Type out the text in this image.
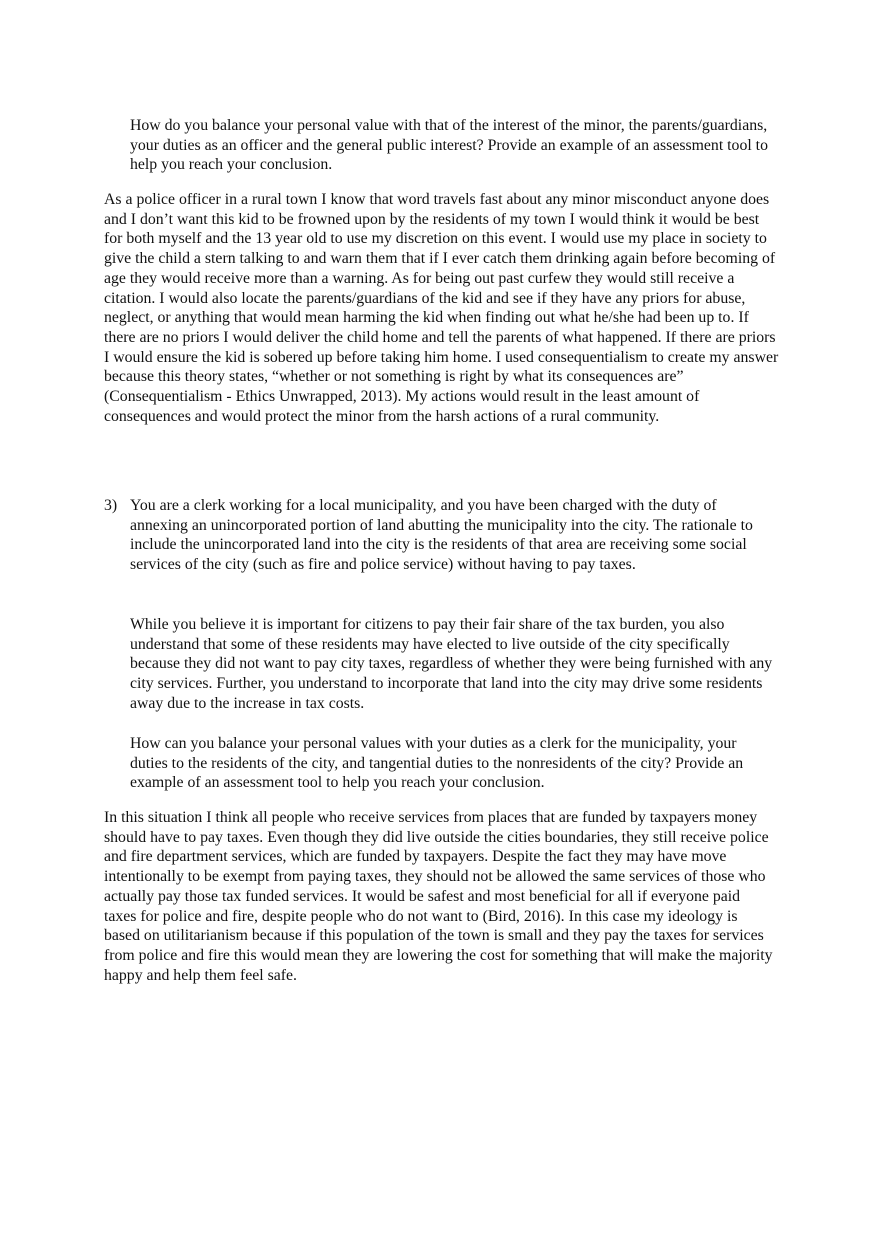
How do you balance your personal value with that of the interest of the minor, the parents/guardians, your duties as an officer and the general public interest? Provide an example of an assessment tool to help you reach your conclusion.
As a police officer in a rural town I know that word travels fast about any minor misconduct anyone does and I don’t want this kid to be frowned upon by the residents of my town I would think it would be best for both myself and the 13 year old to use my discretion on this event. I would use my place in society to give the child a stern talking to and warn them that if I ever catch them drinking again before becoming of age they would receive more than a warning. As for being out past curfew they would still receive a citation. I would also locate the parents/guardians of the kid and see if they have any priors for abuse, neglect, or anything that would mean harming the kid when finding out what he/she had been up to. If there are no priors I would deliver the child home and tell the parents of what happened. If there are priors I would ensure the kid is sobered up before taking him home. I used consequentialism to create my answer because this theory states, “whether or not something is right by what its consequences are” (Consequentialism - Ethics Unwrapped, 2013). My actions would result in the least amount of consequences and would protect the minor from the harsh actions of a rural community.
3) You are a clerk working for a local municipality, and you have been charged with the duty of annexing an unincorporated portion of land abutting the municipality into the city. The rationale to include the unincorporated land into the city is the residents of that area are receiving some social services of the city (such as fire and police service) without having to pay taxes.
While you believe it is important for citizens to pay their fair share of the tax burden, you also understand that some of these residents may have elected to live outside of the city specifically because they did not want to pay city taxes, regardless of whether they were being furnished with any city services. Further, you understand to incorporate that land into the city may drive some residents away due to the increase in tax costs.
How can you balance your personal values with your duties as a clerk for the municipality, your duties to the residents of the city, and tangential duties to the nonresidents of the city? Provide an example of an assessment tool to help you reach your conclusion.
In this situation I think all people who receive services from places that are funded by taxpayers money should have to pay taxes. Even though they did live outside the cities boundaries, they still receive police and fire department services, which are funded by taxpayers. Despite the fact they may have move intentionally to be exempt from paying taxes, they should not be allowed the same services of those who actually pay those tax funded services. It would be safest and most beneficial for all if everyone paid taxes for police and fire, despite people who do not want to (Bird, 2016). In this case my ideology is based on utilitarianism because if this population of the town is small and they pay the taxes for services from police and fire this would mean they are lowering the cost for something that will make the majority happy and help them feel safe.
